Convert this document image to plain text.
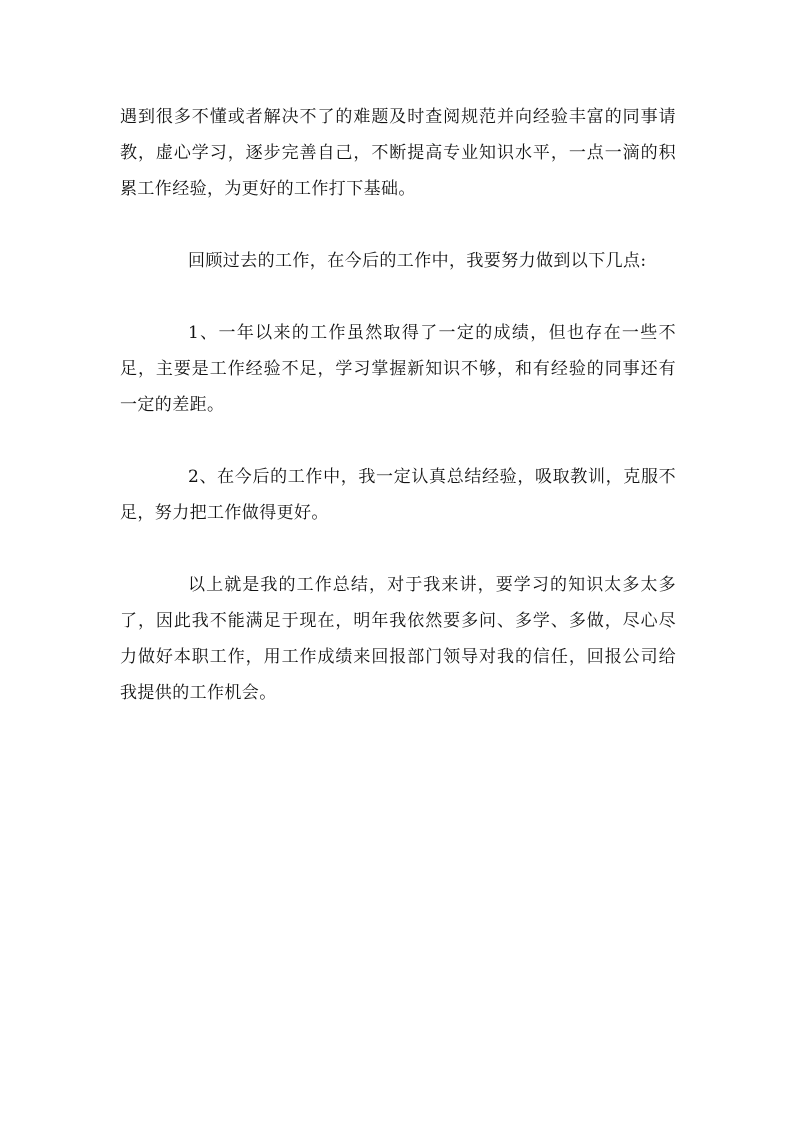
遇到很多不懂或者解决不了的难题及时查阅规范并向经验丰富的同事请教，虚心学习，逐步完善自己，不断提高专业知识水平，一点一滴的积累工作经验，为更好的工作打下基础。

回顾过去的工作，在今后的工作中，我要努力做到以下几点:

1、一年以来的工作虽然取得了一定的成绩，但也存在一些不足，主要是工作经验不足，学习掌握新知识不够，和有经验的同事还有一定的差距。

2、在今后的工作中，我一定认真总结经验，吸取教训，克服不足，努力把工作做得更好。

以上就是我的工作总结，对于我来讲，要学习的知识太多太多了，因此我不能满足于现在，明年我依然要多问、多学、多做，尽心尽力做好本职工作，用工作成绩来回报部门领导对我的信任，回报公司给我提供的工作机会。
